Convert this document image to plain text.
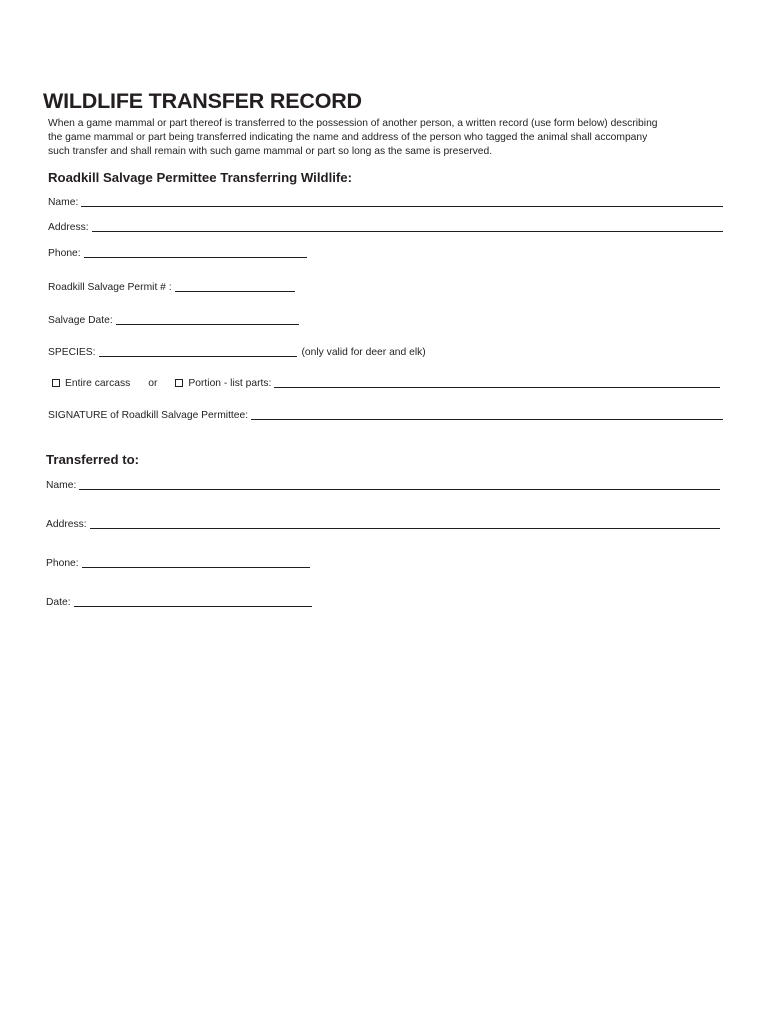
WILDLIFE TRANSFER RECORD
When a game mammal or part thereof is transferred to the possession of another person, a written record (use form below) describing
the game mammal or part being transferred indicating the name and address of the person who tagged the animal shall accompany
such transfer and shall remain with such game mammal or part so long as the same is preserved.
Roadkill Salvage Permittee Transferring Wildlife:
Name:
Address:
Phone:
Roadkill Salvage Permit # :
Salvage Date:
SPECIES:	(only valid for deer and elk)
Entire carcass or	Portion - list parts:
SIGNATURE of Roadkill Salvage Permittee:
Transferred to:
Name:
Address:
Phone:
Date:
